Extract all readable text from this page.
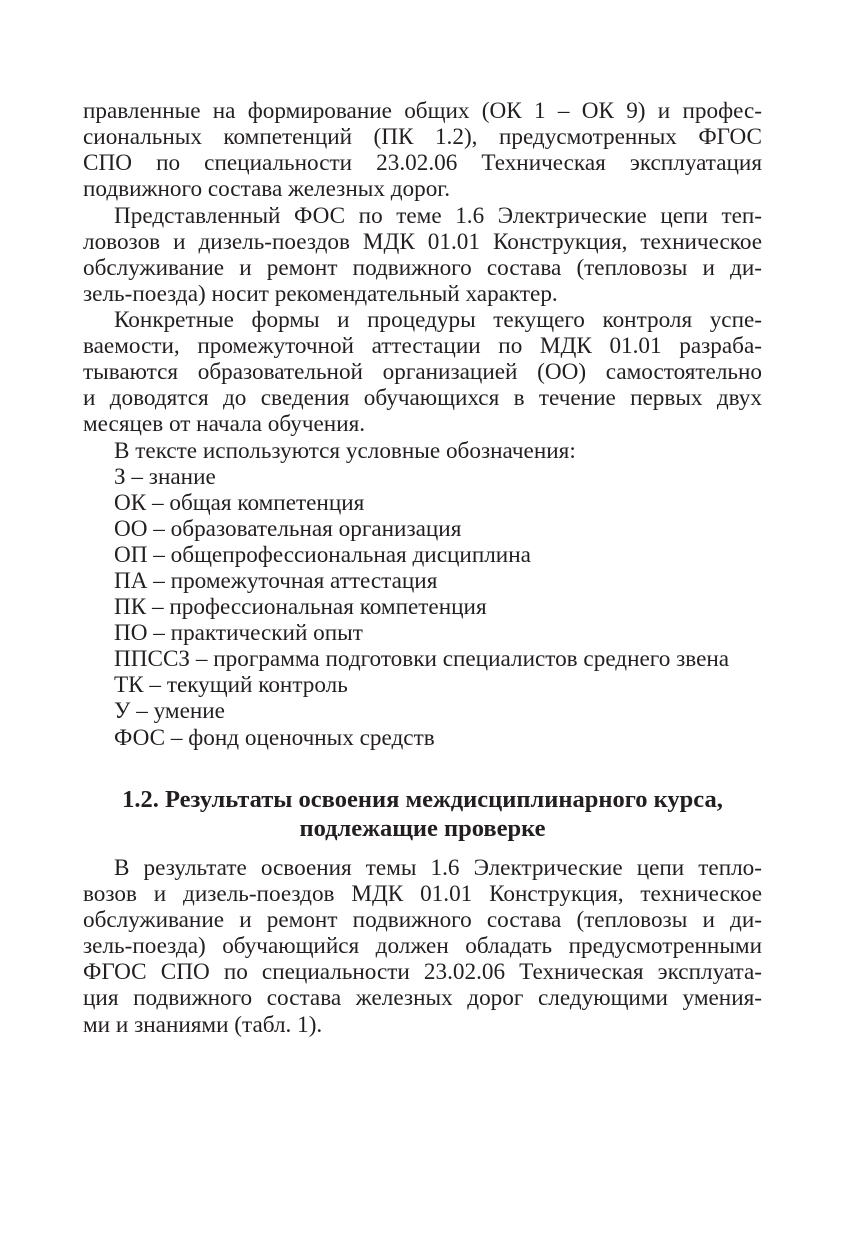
правленные на формирование общих (ОК 1 – ОК 9) и профес-
сиональных компетенций (ПК 1.2), предусмотренных ФГОС
СПО по специальности 23.02.06 Техническая эксплуатация
подвижного состава железных дорог.
Представленный ФОС по теме 1.6 Электрические цепи теп-
ловозов и дизель-поездов МДК 01.01 Конструкция, техническое
обслуживание и ремонт подвижного состава (тепловозы и ди-
зель-поезда) носит рекомендательный характер.
Конкретные формы и процедуры текущего контроля успе-
ваемости, промежуточной аттестации по МДК 01.01 разраба-
тываются образовательной организацией (ОО) самостоятельно
и доводятся до сведения обучающихся в течение первых двух
месяцев от начала обучения.
В тексте используются условные обозначения:
З – знание
ОК – общая компетенция
ОО – образовательная организация
ОП – общепрофессиональная дисциплина
ПА – промежуточная аттестация
ПК – профессиональная компетенция
ПО – практический опыт
ППССЗ – программа подготовки специалистов среднего звена
ТК – текущий контроль
У – умение
ФОС – фонд оценочных средств
1.2. Результаты освоения междисциплинарного курса,
подлежащие проверке
В результате освоения темы 1.6 Электрические цепи тепло-
возов и дизель-поездов МДК 01.01 Конструкция, техническое
обслуживание и ремонт подвижного состава (тепловозы и ди-
зель-поезда) обучающийся должен обладать предусмотренными
ФГОС СПО по специальности 23.02.06 Техническая эксплуата-
ция подвижного состава железных дорог следующими умения-
ми и знаниями (табл. 1).
